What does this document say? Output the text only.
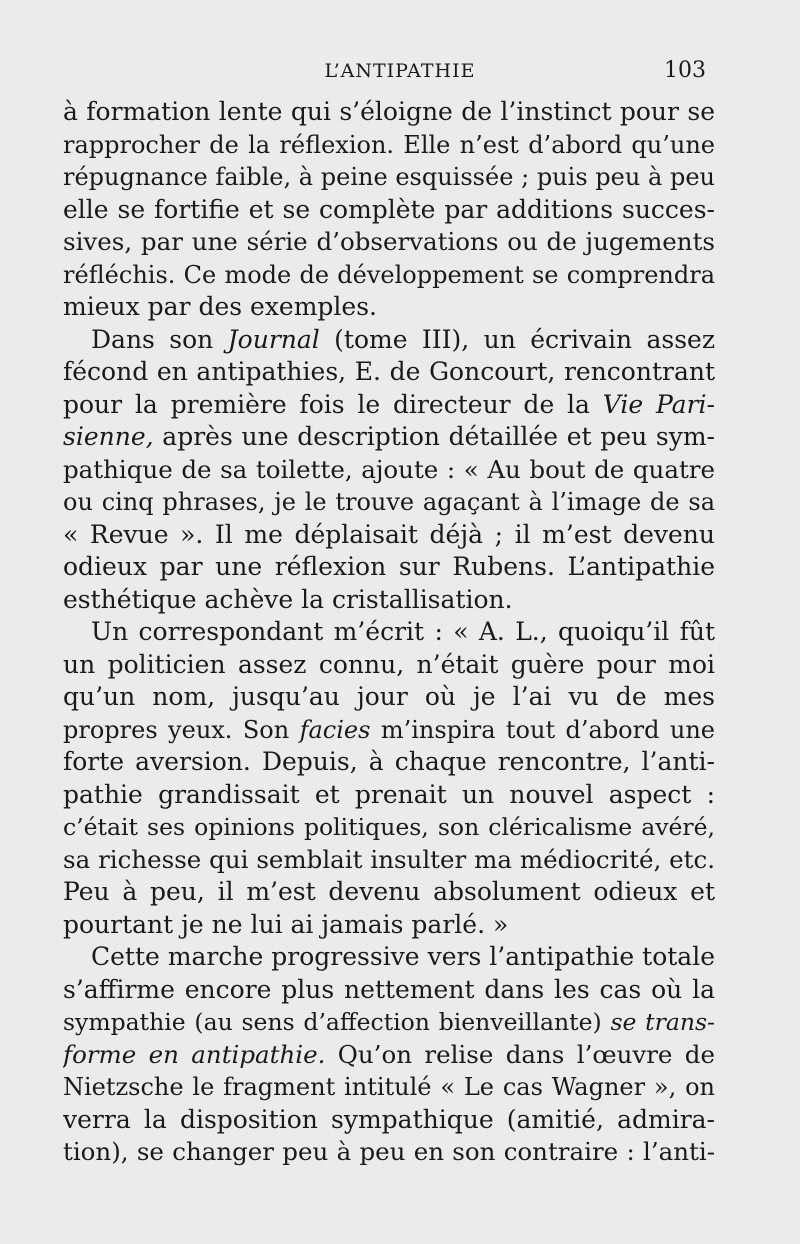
L’ANTIPATHIE	103
à formation lente qui s’éloigne de l’instinct pour se
rapprocher de la réflexion. Elle n’est d’abord qu’une
répugnance faible, à peine esquissée ; puis peu à peu
elle se fortifie et se complète par additions succes-
sives, par une série d’observations ou de jugements
réfléchis. Ce mode de développement se comprendra
mieux par des exemples.
Dans son Journal (tome III), un écrivain assez
fécond en antipathies, E. de Goncourt, rencontrant
pour la première fois le directeur de la Vie Pari-
sienne, après une description détaillée et peu sym-
pathique de sa toilette, ajoute : « Au bout de quatre
ou cinq phrases, je le trouve agaçant à l’image de sa
« Revue ». Il me déplaisait déjà ; il m’est devenu
odieux par une réflexion sur Rubens. L’antipathie
esthétique achève la cristallisation.
Un correspondant m’écrit : « A. L., quoiqu’il fût
un politicien assez connu, n’était guère pour moi
qu’un nom, jusqu’au jour où je l’ai vu de mes
propres yeux. Son facies m’inspira tout d’abord une
forte aversion. Depuis, à chaque rencontre, l’anti-
pathie grandissait et prenait un nouvel aspect :
c’était ses opinions politiques, son cléricalisme avéré,
sa richesse qui semblait insulter ma médiocrité, etc.
Peu à peu, il m’est devenu absolument odieux et
pourtant je ne lui ai jamais parlé. »
Cette marche progressive vers l’antipathie totale
s’affirme encore plus nettement dans les cas où la
sympathie (au sens d’affection bienveillante) se trans-
forme en antipathie. Qu’on relise dans l’œuvre de
Nietzsche le fragment intitulé « Le cas Wagner », on
verra la disposition sympathique (amitié, admira-
tion), se changer peu à peu en son contraire : l’anti-
